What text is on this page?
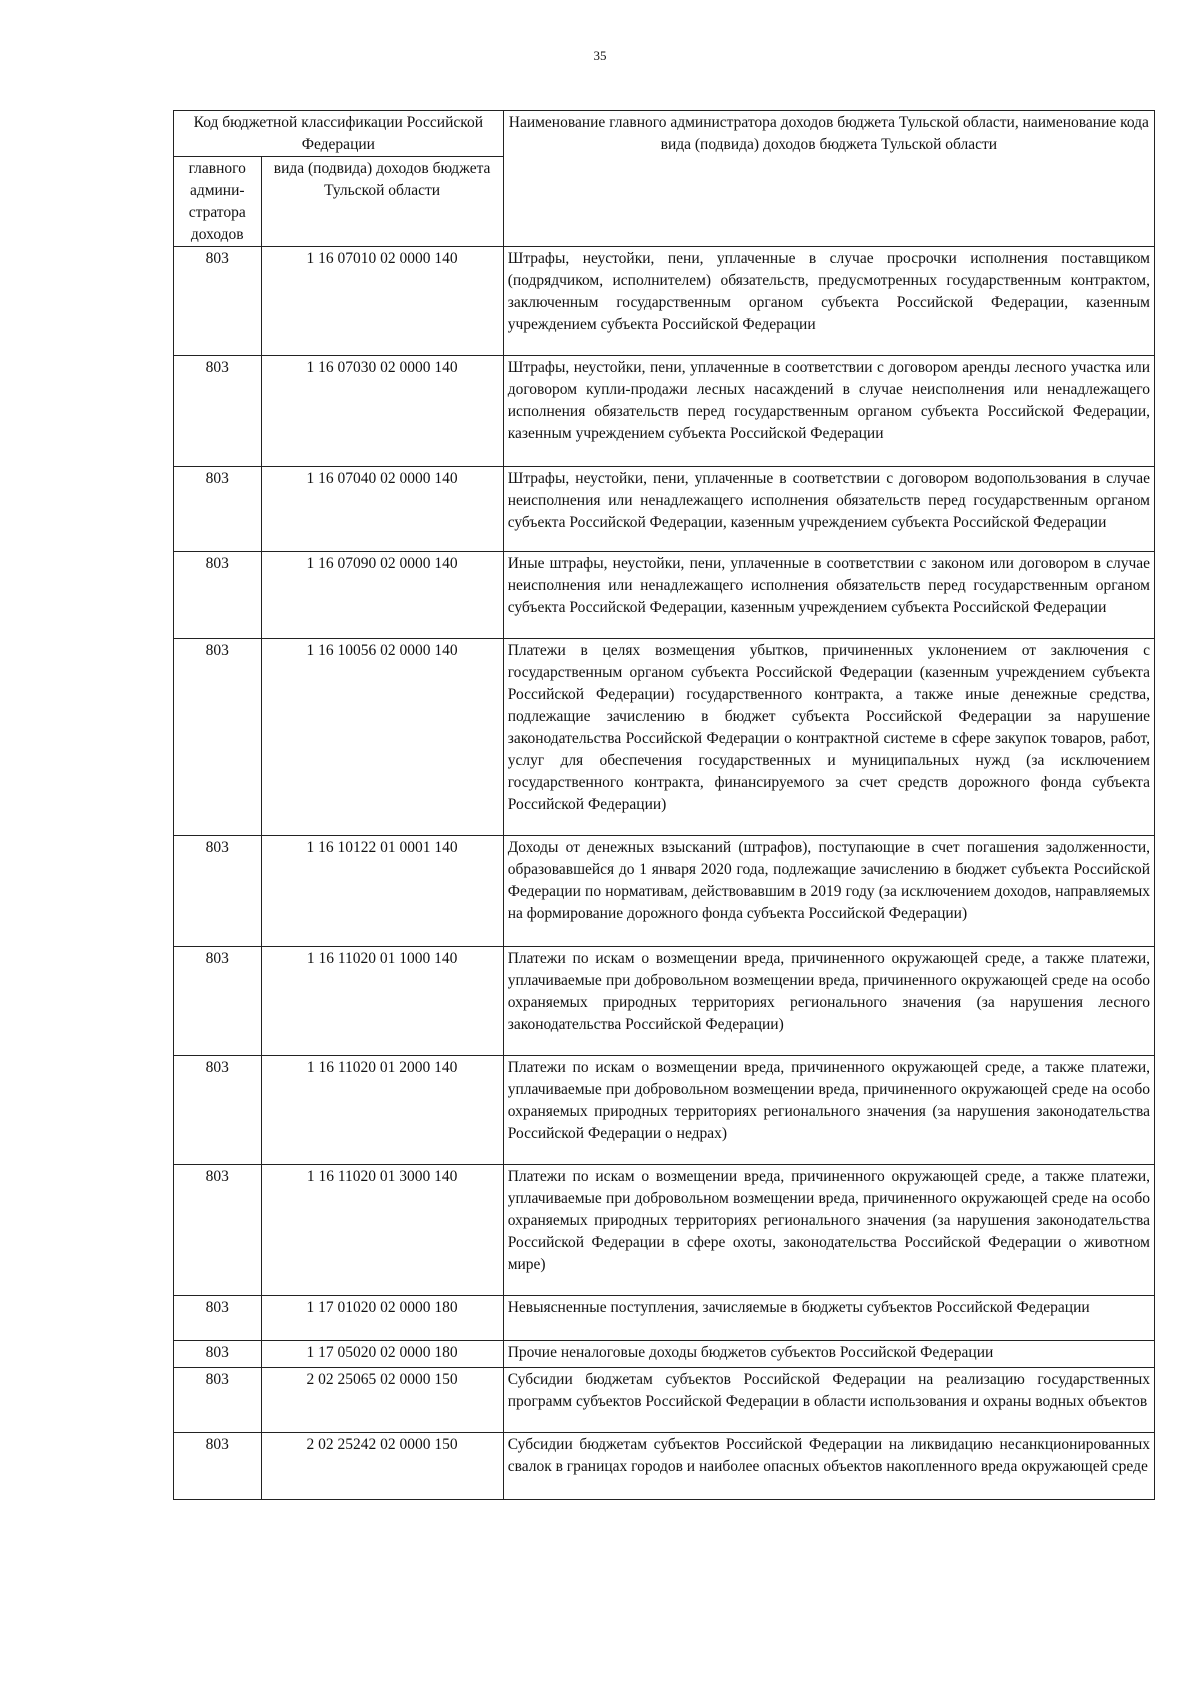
35
Код бюджетной классификации Российской Федерации		Наименование главного администратора доходов бюджета Тульской области, наименование кода вида (подвида) доходов бюджета Тульской области
главного админи-стратора доходов	вида (подвида) доходов бюджета Тульской области	
803	1 16 07010 02 0000 140	Штрафы, неустойки, пени, уплаченные в случае просрочки исполнения поставщиком (подрядчиком, исполнителем) обязательств, предусмотренных государственным контрактом, заключенным государственным органом субъекта Российской Федерации, казенным учреждением субъекта Российской Федерации
803	1 16 07030 02 0000 140	Штрафы, неустойки, пени, уплаченные в соответствии с договором аренды лесного участка или договором купли-продажи лесных насаждений в случае неисполнения или ненадлежащего исполнения обязательств перед государственным органом субъекта Российской Федерации, казенным учреждением субъекта Российской Федерации
803	1 16 07040 02 0000 140	Штрафы, неустойки, пени, уплаченные в соответствии с договором водопользования в случае неисполнения или ненадлежащего исполнения обязательств перед государственным органом субъекта Российской Федерации, казенным учреждением субъекта Российской Федерации
803	1 16 07090 02 0000 140	Иные штрафы, неустойки, пени, уплаченные в соответствии с законом или договором в случае неисполнения или ненадлежащего исполнения обязательств перед государственным органом субъекта Российской Федерации, казенным учреждением субъекта Российской Федерации
803	1 16 10056 02 0000 140	Платежи в целях возмещения убытков, причиненных уклонением от заключения с государственным органом субъекта Российской Федерации (казенным учреждением субъекта Российской Федерации) государственного контракта, а также иные денежные средства, подлежащие зачислению в бюджет субъекта Российской Федерации за нарушение законодательства Российской Федерации о контрактной системе в сфере закупок товаров, работ, услуг для обеспечения государственных и муниципальных нужд (за исключением государственного контракта, финансируемого за счет средств дорожного фонда субъекта Российской Федерации)
803	1 16 10122 01 0001 140	Доходы от денежных взысканий (штрафов), поступающие в счет погашения задолженности, образовавшейся до 1 января 2020 года, подлежащие зачислению в бюджет субъекта Российской Федерации по нормативам, действовавшим в 2019 году (за исключением доходов, направляемых на формирование дорожного фонда субъекта Российской Федерации)
803	1 16 11020 01 1000 140	Платежи по искам о возмещении вреда, причиненного окружающей среде, а также платежи, уплачиваемые при добровольном возмещении вреда, причиненного окружающей среде на особо охраняемых природных территориях регионального значения (за нарушения лесного законодательства Российской Федерации)
803	1 16 11020 01 2000 140	Платежи по искам о возмещении вреда, причиненного окружающей среде, а также платежи, уплачиваемые при добровольном возмещении вреда, причиненного окружающей среде на особо охраняемых природных территориях регионального значения (за нарушения законодательства Российской Федерации о недрах)
803	1 16 11020 01 3000 140	Платежи по искам о возмещении вреда, причиненного окружающей среде, а также платежи, уплачиваемые при добровольном возмещении вреда, причиненного окружающей среде на особо охраняемых природных территориях регионального значения (за нарушения законодательства Российской Федерации в сфере охоты, законодательства Российской Федерации о животном мире)
803	1 17 01020 02 0000 180	Невыясненные поступления, зачисляемые в бюджеты субъектов Российской Федерации
803	1 17 05020 02 0000 180	Прочие неналоговые доходы бюджетов субъектов Российской Федерации
803	2 02 25065 02 0000 150	Субсидии бюджетам субъектов Российской Федерации на реализацию государственных программ субъектов Российской Федерации в области использования и охраны водных объектов
803	2 02 25242 02 0000 150	Субсидии бюджетам субъектов Российской Федерации на ликвидацию несанкционированных свалок в границах городов и наиболее опасных объектов накопленного вреда окружающей среде
